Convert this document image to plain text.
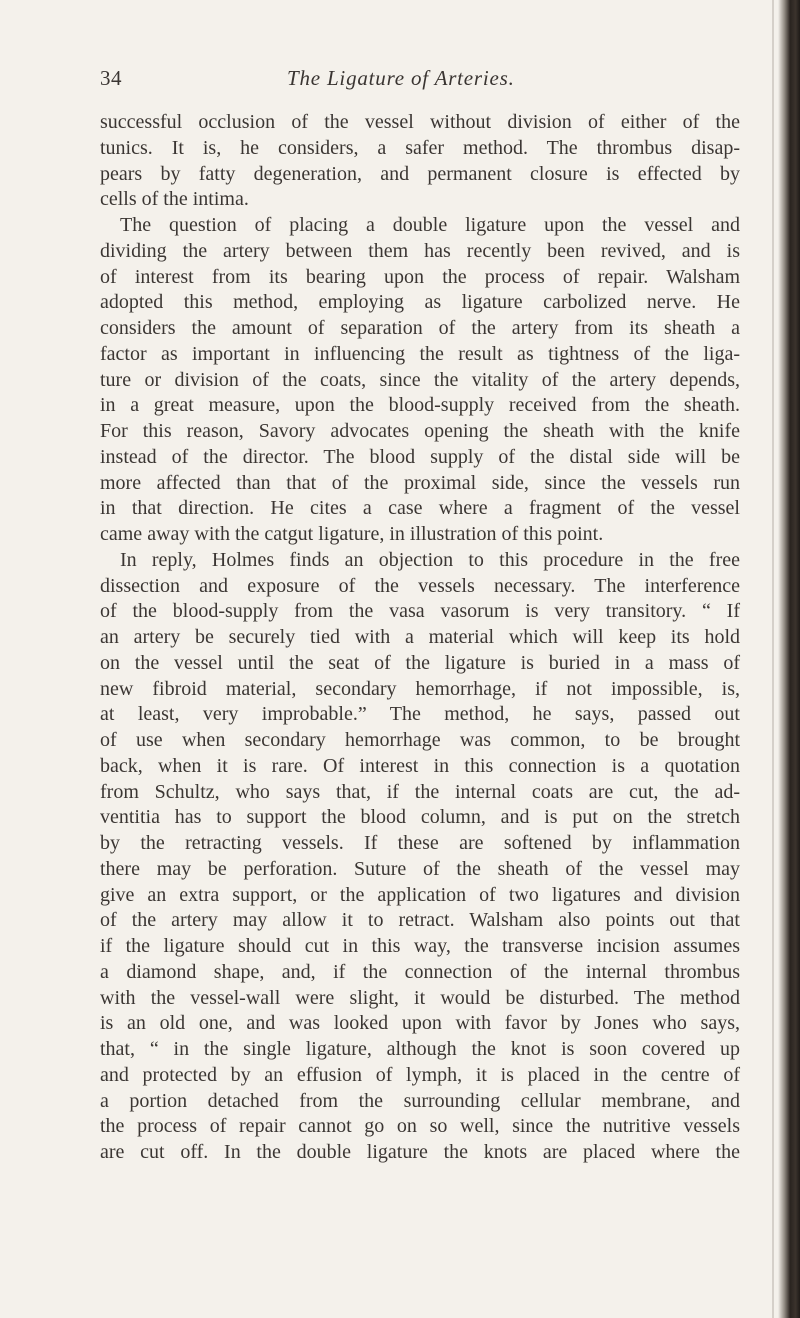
34	The Ligature of Arteries.
successful occlusion of the vessel without division of either of the
tunics. It is, he considers, a safer method. The thrombus disap-
pears by fatty degeneration, and permanent closure is effected by
cells of the intima.
The question of placing a double ligature upon the vessel and
dividing the artery between them has recently been revived, and is
of interest from its bearing upon the process of repair. Walsham
adopted this method, employing as ligature carbolized nerve. He
considers the amount of separation of the artery from its sheath a
factor as important in influencing the result as tightness of the liga-
ture or division of the coats, since the vitality of the artery depends,
in a great measure, upon the blood-supply received from the sheath.
For this reason, Savory advocates opening the sheath with the knife
instead of the director. The blood supply of the distal side will be
more affected than that of the proximal side, since the vessels run
in that direction. He cites a case where a fragment of the vessel
came away with the catgut ligature, in illustration of this point.
In reply, Holmes finds an objection to this procedure in the free
dissection and exposure of the vessels necessary. The interference
of the blood-supply from the vasa vasorum is very transitory. “ If
an artery be securely tied with a material which will keep its hold
on the vessel until the seat of the ligature is buried in a mass of
new fibroid material, secondary hemorrhage, if not impossible, is,
at least, very improbable.” The method, he says, passed out
of use when secondary hemorrhage was common, to be brought
back, when it is rare. Of interest in this connection is a quotation
from Schultz, who says that, if the internal coats are cut, the ad-
ventitia has to support the blood column, and is put on the stretch
by the retracting vessels. If these are softened by inflammation
there may be perforation. Suture of the sheath of the vessel may
give an extra support, or the application of two ligatures and division
of the artery may allow it to retract. Walsham also points out that
if the ligature should cut in this way, the transverse incision assumes
a diamond shape, and, if the connection of the internal thrombus
with the vessel-wall were slight, it would be disturbed. The method
is an old one, and was looked upon with favor by Jones who says,
that, “ in the single ligature, although the knot is soon covered up
and protected by an effusion of lymph, it is placed in the centre of
a portion detached from the surrounding cellular membrane, and
the process of repair cannot go on so well, since the nutritive vessels
are cut off. In the double ligature the knots are placed where the
